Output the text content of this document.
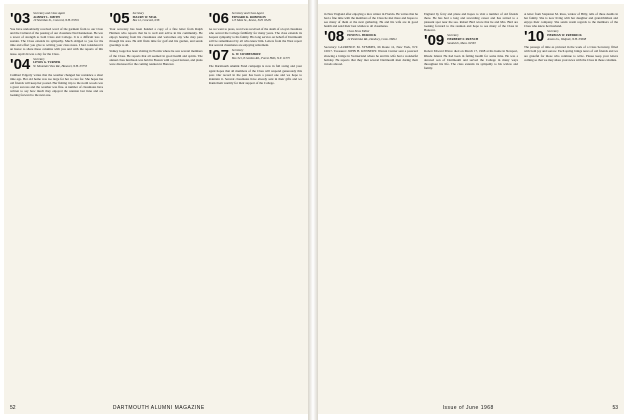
'03 Secretary and Class Agent
ALBERT L. SMITH

19 Sheridan St., Concord, N.H. 03301
You have undoubtedly received word of the garment from to our Class and the Cultural of the passing of our classmate Ned Kenneison. He was a tower of strength to both Class and College. It is a difficult loss to sustain. The Class extends its sympathy. Much obliged to you for the time and effort you give to writing your class notes. I had considered it an honor to share these columns with you and with the reports of this issue. April 24 was a day for the Class.
'04 Secretary
LEWIS G. TURNER

W. Mountain View Rd., Hanover, N.H. 03755
Cuthbert Edgerly writes that the weather changed her residence a short time ago. Her old home was too large for her to care for. She hopes her old friends will keep her posted. Her fishing trip to the north woods was a great success and the weather was fine. A number of classmates have written to say how much they enjoyed the reunion last June and are looking forward to the next one.
'05 Secretary
MAURY W. NEAL

Box 12, Concord, N.H.
Your secretary has been handed a copy of a fine letter from Ralph Harmon who reports that he is well and active in his community. He enjoys hearing from his classmates and welcomes any who may pass through his area. He still finds time for golf and his garden, and sends greetings to all.
Sidney Gage has been visiting in Florida where he saw several members of the Class. He reports that all seemed in good health and spirits. The annual class luncheon was held in Boston with a good turnout, and plans were discussed for the coming reunion in Hanover.
'06 Secretary and Class Agent
EDWARD K. ROBINSON

115 Main St., Keene, N.H. 03431
As we went to press, word was received of the death of a loyal classmate who served the College faithfully for many years. The class extends its deepest sympathy to his family. His long service on behalf of Dartmouth will be remembered by all who knew him. Letters from the West report that several classmates are enjoying retirement.
'07 Secretary
G. W. SWOBESHOFF

Box 321, 8 Gordon Rd., Forest Hills, N.Y. 11375
The Dartmouth Alumni Fund campaign is now in full swing and your agent hopes that all members of the Class will respond generously this year. Our record in the past has been a proud one and we hope to maintain it. Several classmates have already sent in their gifts and we thank them warmly for their support of the College.
52	DARTMOUTH ALUMNI MAGAZINE
in New England after enjoying a nice winter in Florida. He writes that he had a fine time with the members of the Class he met there and hopes to see many of them at the next gathering. He and his wife are in good health and send their best wishes to all classmates.
'08 Class News Editor
EDWIN L. BURDICK

12 Pembroke Rd., Danbury, Conn. 06812
Secretary: LAURENCE M. SYMMES, 66 Route 12, New York, N.Y. 10017. Treasurer: JOHN H. KENNEDY. Warren Currier sent a postcard showing a bridge in Switzerland where he and his wife had a wonderful holiday. He reports that they met several Dartmouth men during their travels abroad.
England by ferry and plane and hopes to visit a number of old friends there. He has had a long and rewarding career and has retired to a pleasant spot near the sea. Robert Bird wrote that he and Mrs. Bird are looking forward to the reunion and hope to see many of the Class in Hanover.
'09 Secretary
HERBERT F. FRENCH

Sandwich, Mass. 02563
Robert Edward Prince died on March 17, 1968 at his home in Newport, Rhode Island. He had been in failing health for some time. He was a devoted son of Dartmouth and served the College in many ways throughout his life. The class extends its sympathy to his widow and family.
A letter from Stapleton M. Ross, widow of Billy, tells of three deaths in her family. She is now living with her daughter and grandchildren and enjoys their company. She sends warm regards to the members of the Class who knew her husband.
'10 Secretary
HERMAN W. FREDRICK

Anson Ln., Walpole, N.H. 03608
The passage of time as pictured in the work of a Class Secretary, filled with both joy and sorrow. Each spring brings news of old friends and we are grateful for those who continue to write. Please keep your letters coming so that we may share your news with the Class in these columns.
Issue of June 1968	53
